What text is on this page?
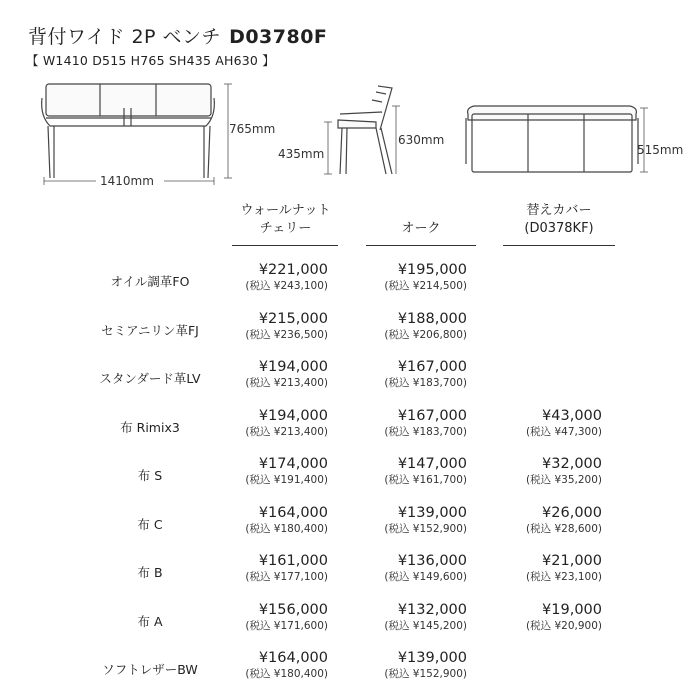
背付ワイド 2P ベンチ D03780F
【 W1410 D515 H765 SH435 AH630 】
765mm
1410mm
435mm
630mm
515mm
ウォールナット
チェリー	オーク
替えカバー
(D0378KF)
オイル調革FO
¥221,000
(税込 ¥243,100)
¥195,000
(税込 ¥214,500)
セミアニリン革FJ
¥215,000
(税込 ¥236,500)
¥188,000
(税込 ¥206,800)
スタンダード革LV
¥194,000
(税込 ¥213,400)
¥167,000
(税込 ¥183,700)
布 Rimix3
¥194,000
(税込 ¥213,400)
¥167,000
(税込 ¥183,700)
¥43,000
(税込 ¥47,300)
布 S
¥174,000
(税込 ¥191,400)
¥147,000
(税込 ¥161,700)
¥32,000
(税込 ¥35,200)
布 C
¥164,000
(税込 ¥180,400)
¥139,000
(税込 ¥152,900)
¥26,000
(税込 ¥28,600)
布 B
¥161,000
(税込 ¥177,100)
¥136,000
(税込 ¥149,600)
¥21,000
(税込 ¥23,100)
布 A
¥156,000
(税込 ¥171,600)
¥132,000
(税込 ¥145,200)
¥19,000
(税込 ¥20,900)
ソフトレザーBW
¥164,000
(税込 ¥180,400)
¥139,000
(税込 ¥152,900)
